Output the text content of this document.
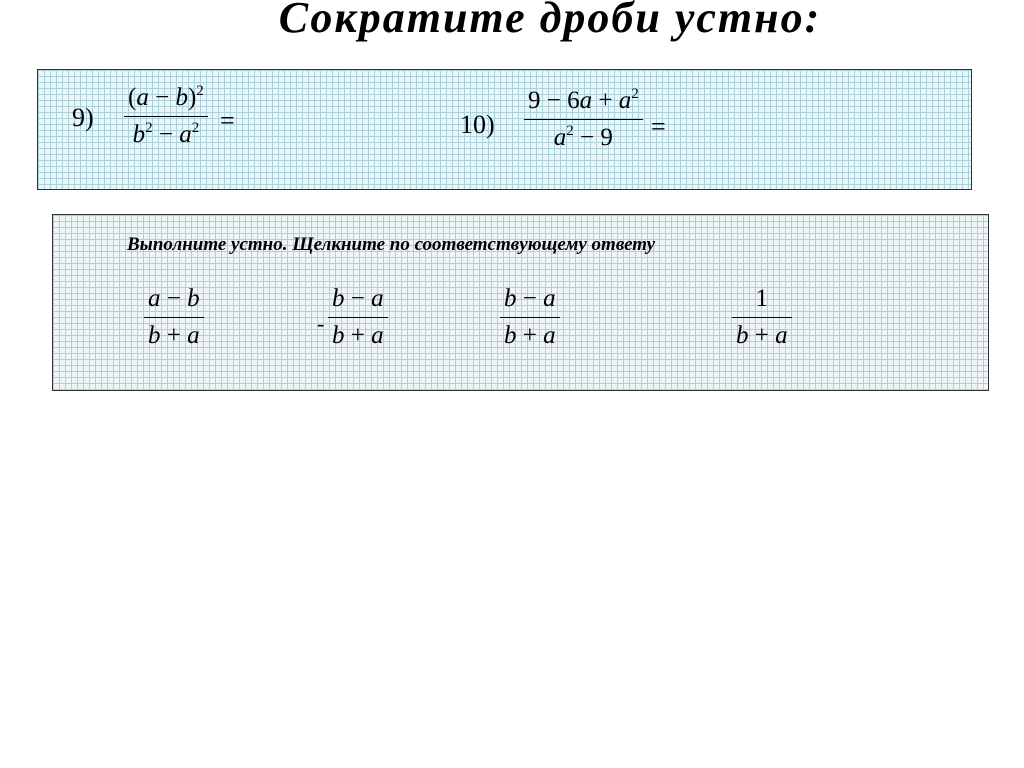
Сократите дроби устно:
9)
$(a - b)^2$
$b^2 - a^2$ =	10)
$9 - 6a + a^2$
$a^2 - 9$ =
Выполните устно. Щелкните по соответствующему ответу
a − b
b + a	-
b − a
b + a
b − a
b + a
1
b + a
